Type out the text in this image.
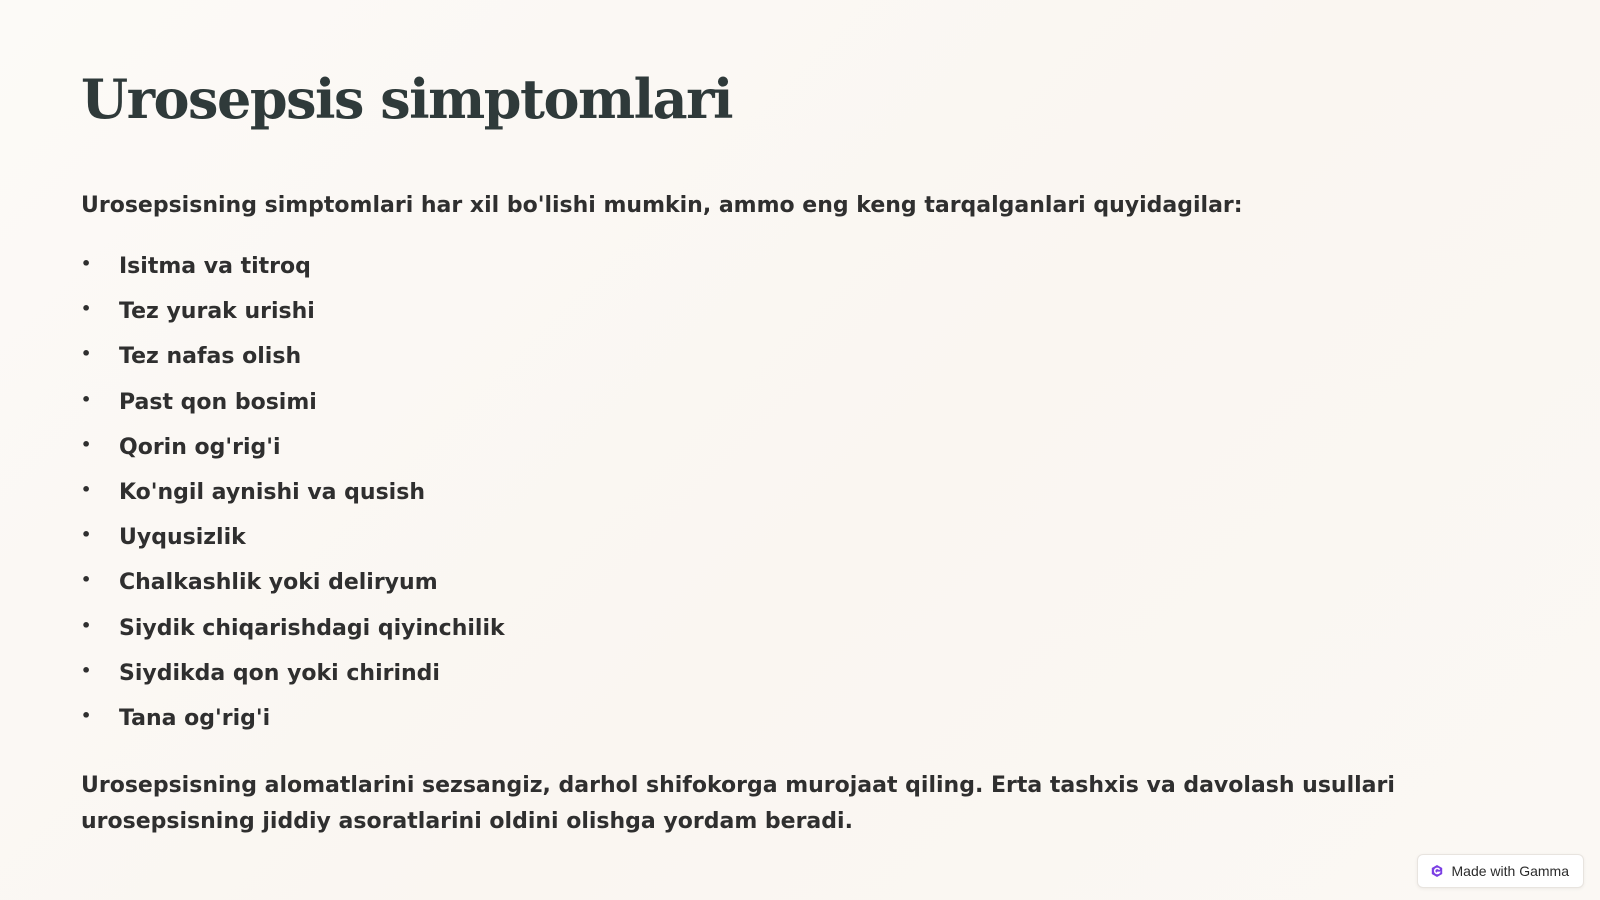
Urosepsis simptomlari

Urosepsisning simptomlari har xil bo'lishi mumkin, ammo eng keng tarqalganlari quyidagilar:

• Isitma va titroq
• Tez yurak urishi
• Tez nafas olish
• Past qon bosimi
• Qorin og'rig'i
• Ko'ngil aynishi va qusish
• Uyqusizlik
• Chalkashlik yoki deliryum
• Siydik chiqarishdagi qiyinchilik
• Siydikda qon yoki chirindi
• Tana og'rig'i

Urosepsisning alomatlarini sezsangiz, darhol shifokorga murojaat qiling. Erta tashxis va davolash usullari urosepsisning jiddiy asoratlarini oldini olishga yordam beradi.

Made with Gamma
